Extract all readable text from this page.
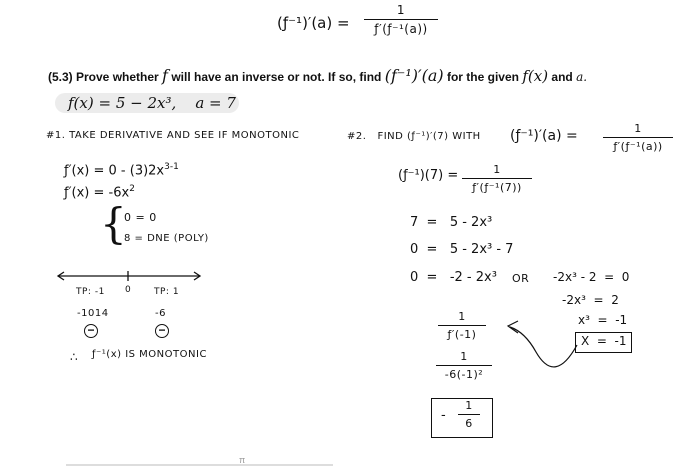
(ƒ⁻¹)′(a) =
1
ƒ′(ƒ⁻¹(a))
(5.3) Prove whether f will have an inverse or not. If so, find (f⁻¹)′(a) for the given f(x) and a.
f(x) = 5 − 2x³,    a = 7
#1. TAKE DERIVATIVE AND SEE IF MONOTONIC
ƒ′(x) = $0 - (3)2x^{3-1}$
ƒ′(x) = $-6x^2$
{
0 = 0
8 = DNE (POLY)
TP: -1 0	TP: 1
-1014	-6
−	−
∴ ƒ⁻¹(x) IS MONOTONIC
#2.   FIND (ƒ⁻¹)′(7) WITH (ƒ⁻¹)′(a) =	1
ƒ′(ƒ⁻¹(a))
(ƒ⁻¹)(7) =	1
ƒ′(ƒ⁻¹(7))
7  =   5 - 2x³
0  =   5 - 2x³ - 7
0  =   -2 - 2x³ OR -2x³ - 2  =  0
-2x³  =  2
x³  =  -1
X  =  -1
1
ƒ′(-1)
1
-6(-1)²
-
1
6
π
